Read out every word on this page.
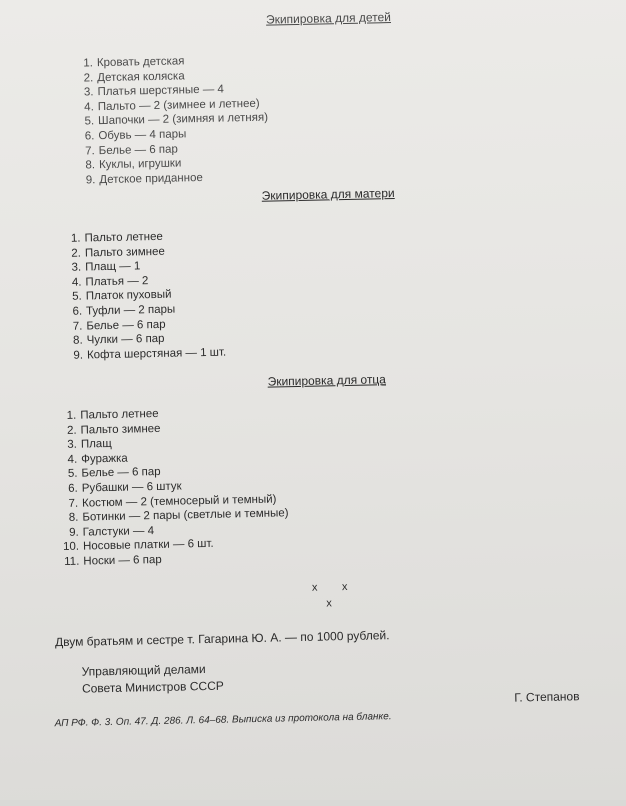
Экипировка для детей
1. Кровать детская
2. Детская коляска
3. Платья шерстяные — 4
4. Пальто — 2 (зимнее и летнее)
5. Шапочки — 2 (зимняя и летняя)
6. Обувь — 4 пары
7. Белье — 6 пар
8. Куклы, игрушки
9. Детское приданное
Экипировка для матери
1. Пальто летнее
2. Пальто зимнее
3. Плащ — 1
4. Платья — 2
5. Платок пуховый
6. Туфли — 2 пары
7. Белье — 6 пар
8. Чулки — 6 пар
9. Кофта шерстяная — 1 шт.
Экипировка для отца
1. Пальто летнее
2. Пальто зимнее
3. Плащ
4. Фуражка
5. Белье — 6 пар
6. Рубашки — 6 штук
7. Костюм — 2 (темносерый и темный)
8. Ботинки — 2 пары (светлые и темные)
9. Галстуки — 4
10. Носовые платки — 6 шт.
11. Носки — 6 пар
x x
x
Двум братьям и сестре т. Гагарина Ю. А. — по 1000 рублей.
Управляющий делами
Совета Министров СССР
Г. Степанов
АП РФ. Ф. 3. Оп. 47. Д. 286. Л. 64–68. Выписка из протокола на бланке.
